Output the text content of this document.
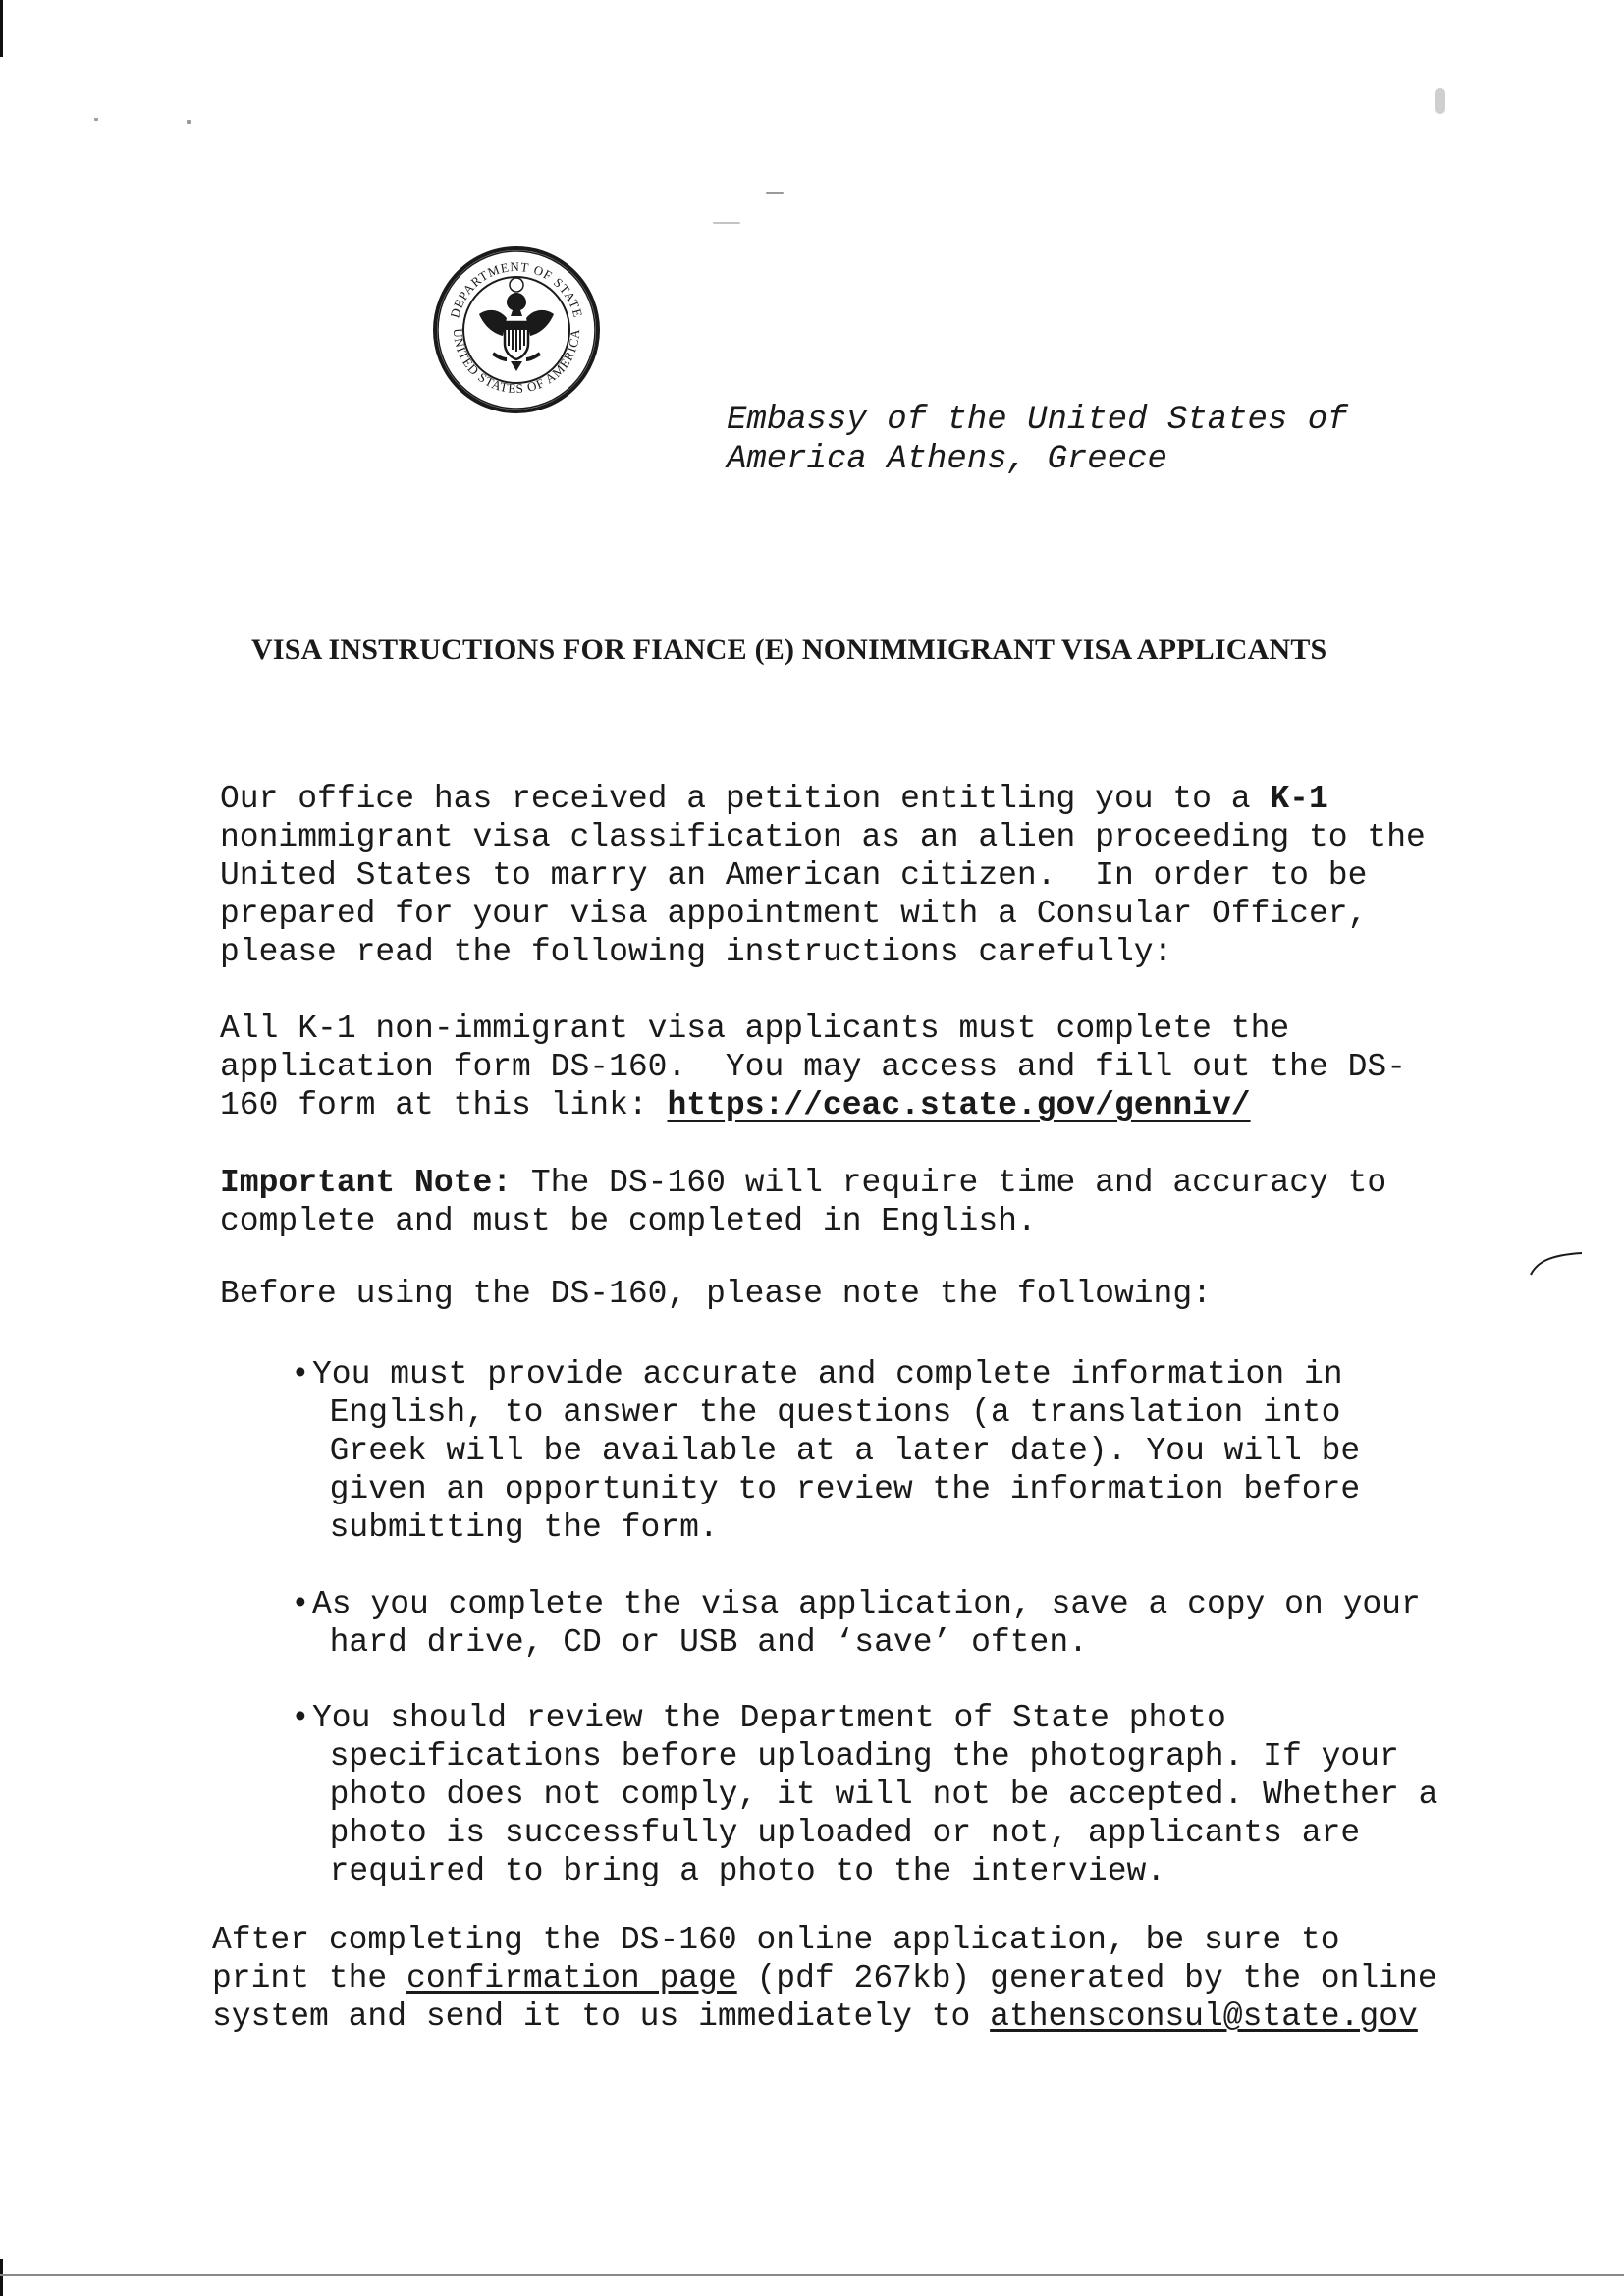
DEPARTMENT OF STATE
UNITED STATES OF AMERICA
Embassy of the United States of
America Athens, Greece
VISA INSTRUCTIONS FOR FIANCE (E) NONIMMIGRANT VISA APPLICANTS
Our office has received a petition entitling you to a K-1
nonimmigrant visa classification as an alien proceeding to the
United States to marry an American citizen.  In order to be
prepared for your visa appointment with a Consular Officer,
please read the following instructions carefully:
All K-1 non-immigrant visa applicants must complete the
application form DS-160.  You may access and fill out the DS-
160 form at this link: https://ceac.state.gov/genniv/
Important Note: The DS-160 will require time and accuracy to
complete and must be completed in English.
Before using the DS-160, please note the following:
•You must provide accurate and complete information in
English, to answer the questions (a translation into
Greek will be available at a later date). You will be
given an opportunity to review the information before
submitting the form.
•As you complete the visa application, save a copy on your
hard drive, CD or USB and ‘save’ often.
•You should review the Department of State photo
specifications before uploading the photograph. If your
photo does not comply, it will not be accepted. Whether a
photo is successfully uploaded or not, applicants are
required to bring a photo to the interview.
After completing the DS-160 online application, be sure to
print the confirmation page (pdf 267kb) generated by the online
system and send it to us immediately to athensconsul@state.gov
